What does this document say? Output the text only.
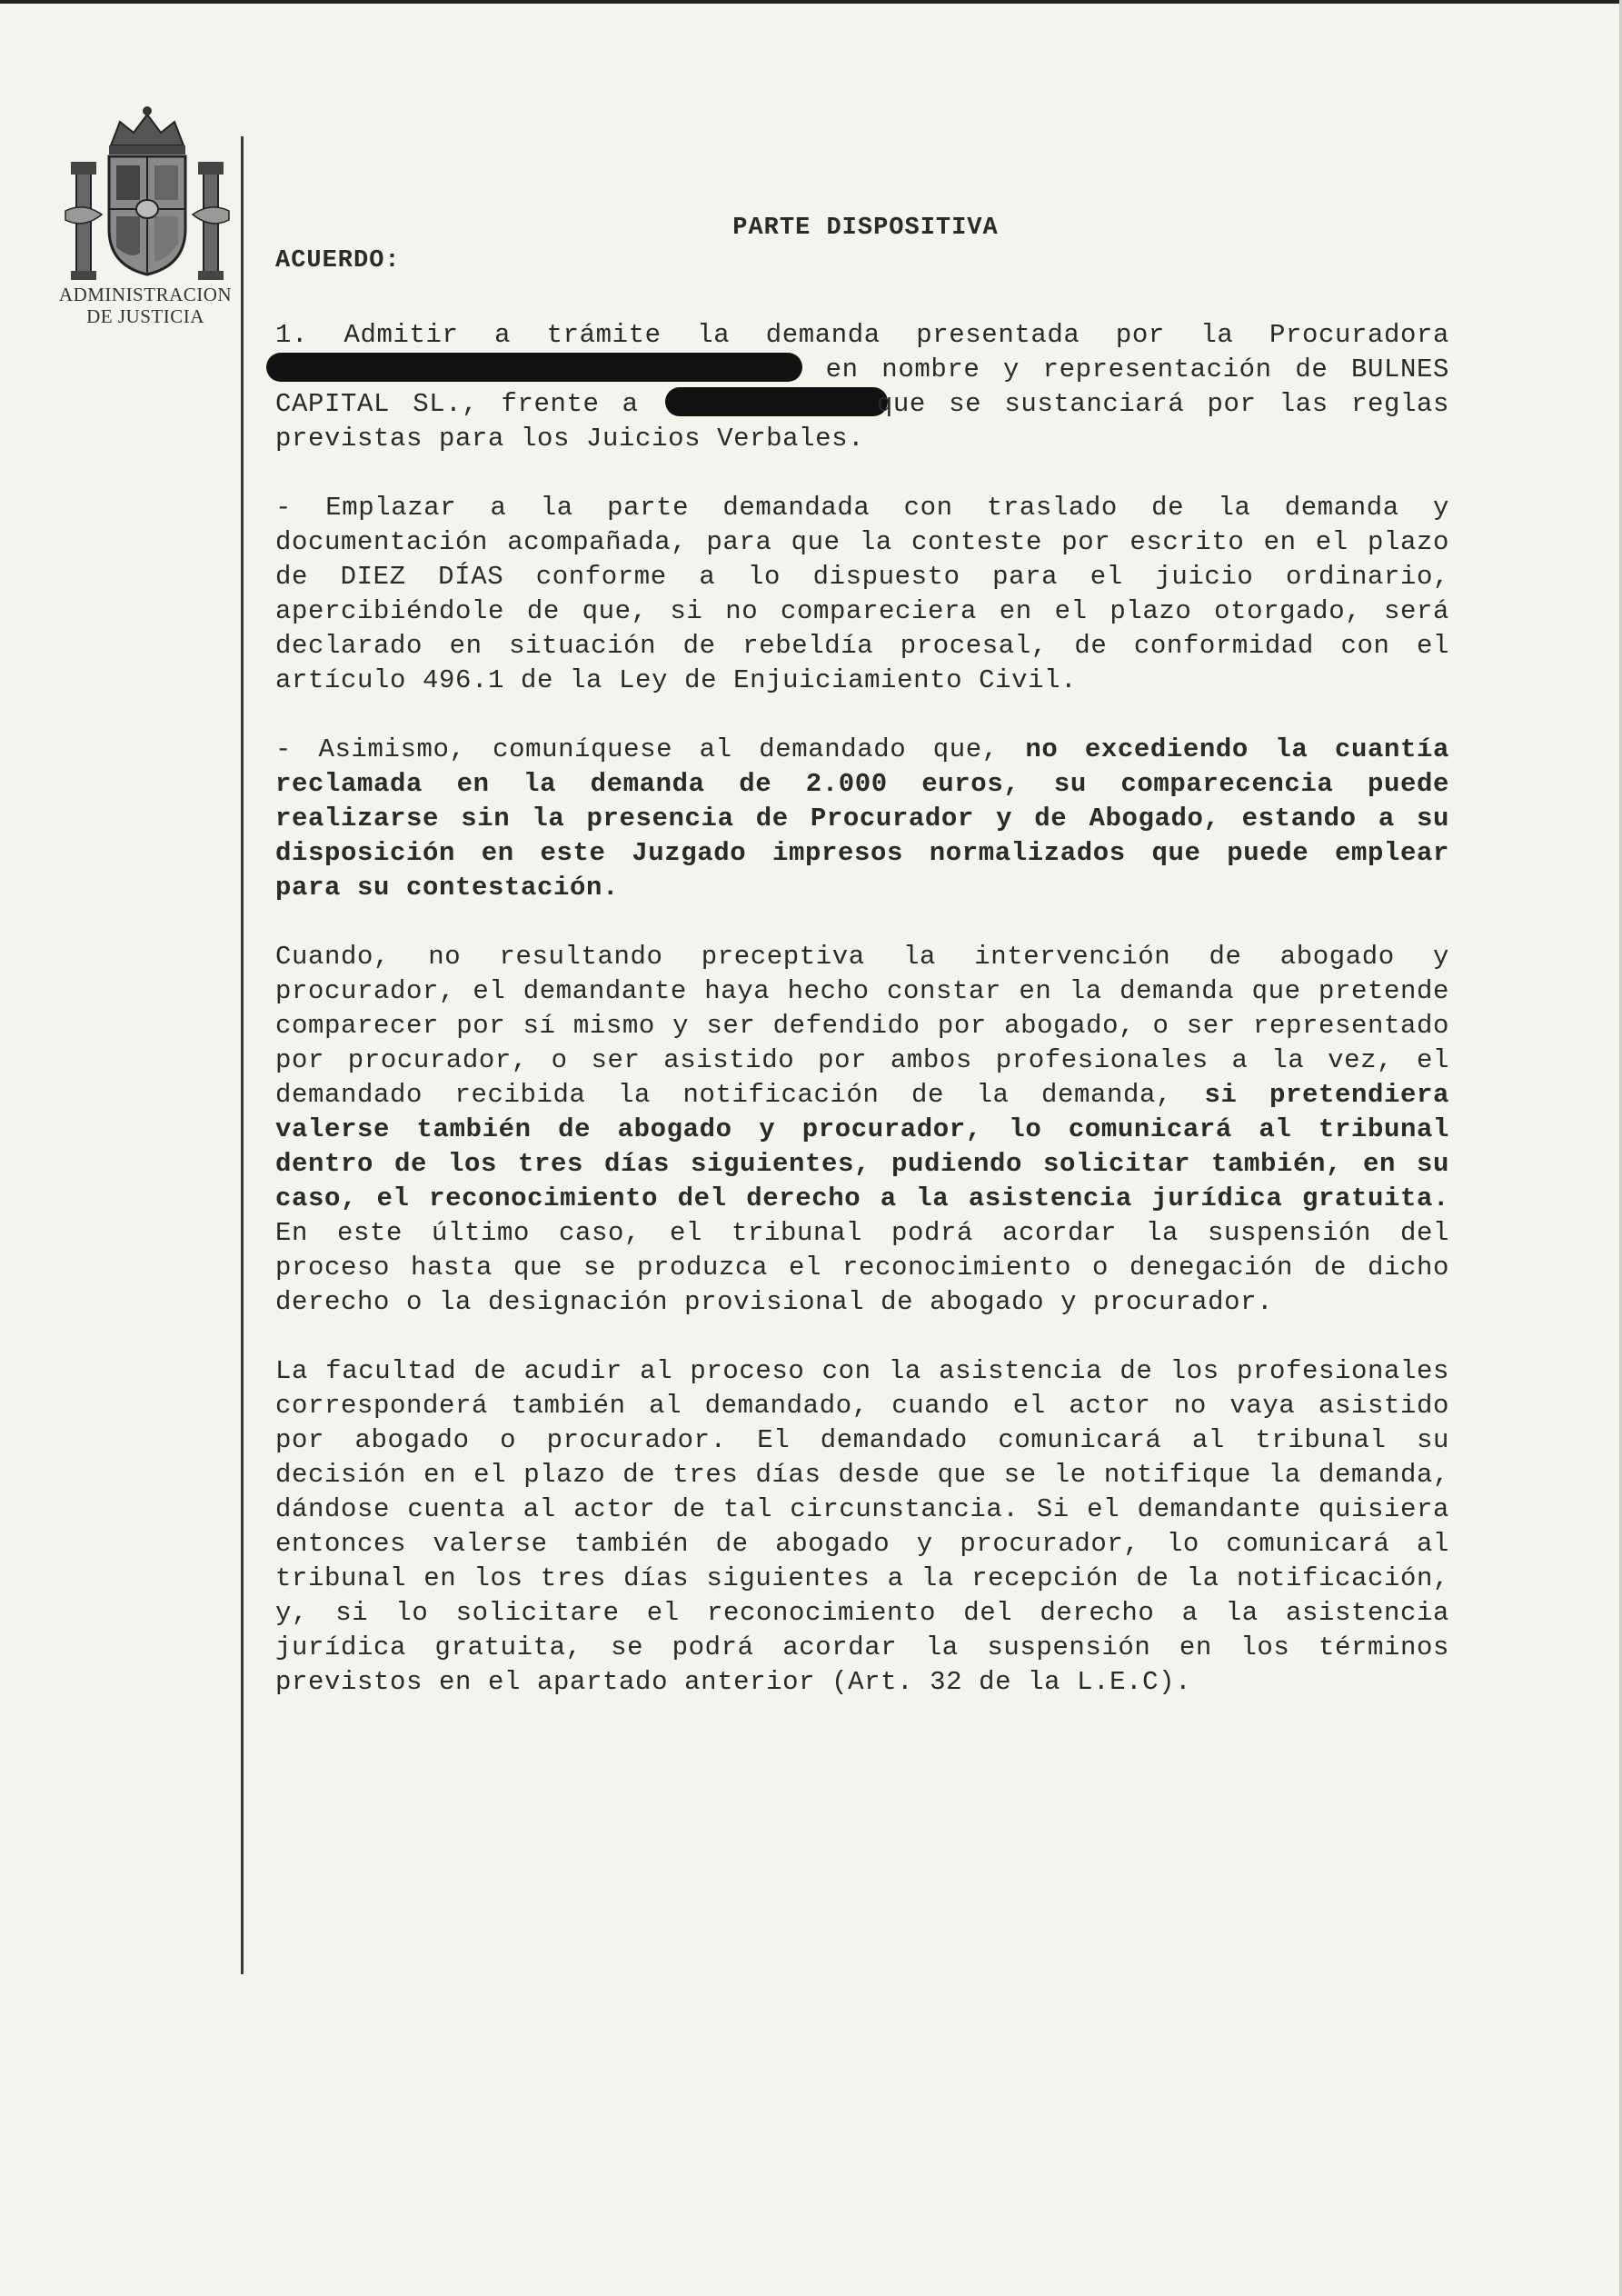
ADMINISTRACION
DE JUSTICIA
PARTE DISPOSITIVA
ACUERDO:

1. Admitir a trámite la demanda presentada por la Procuradora  en nombre y representación de BULNES CAPITAL SL., frente a	que se sustanciará por las reglas previstas para los Juicios Verbales.

- Emplazar a la parte demandada con traslado de la demanda y documentación acompañada, para que la conteste por escrito en el plazo de DIEZ DÍAS conforme a lo dispuesto para el juicio ordinario, apercibiéndole de que, si no compareciera en el plazo otorgado, será declarado en situación de rebeldía procesal, de conformidad con el artículo 496.1 de la Ley de Enjuiciamiento Civil.

- Asimismo, comuníquese al demandado que, no excediendo la cuantía reclamada en la demanda de 2.000 euros, su comparecencia puede realizarse sin la presencia de Procurador y de Abogado, estando a su disposición en este Juzgado impresos normalizados que puede emplear para su contestación.

Cuando, no resultando preceptiva la intervención de abogado y procurador, el demandante haya hecho constar en la demanda que pretende comparecer por sí mismo y ser defendido por abogado, o ser representado por procurador, o ser asistido por ambos profesionales a la vez, el demandado recibida la notificación de la demanda, si pretendiera valerse también de abogado y procurador, lo comunicará al tribunal dentro de los tres días siguientes, pudiendo solicitar también, en su caso, el reconocimiento del derecho a la asistencia jurídica gratuita. En este último caso, el tribunal podrá acordar la suspensión del proceso hasta que se produzca el reconocimiento o denegación de dicho derecho o la designación provisional de abogado y procurador.

La facultad de acudir al proceso con la asistencia de los profesionales corresponderá también al demandado, cuando el actor no vaya asistido por abogado o procurador. El demandado comunicará al tribunal su decisión en el plazo de tres días desde que se le notifique la demanda, dándose cuenta al actor de tal circunstancia. Si el demandante quisiera entonces valerse también de abogado y procurador, lo comunicará al tribunal en los tres días siguientes a la recepción de la notificación, y, si lo solicitare el reconocimiento del derecho a la asistencia jurídica gratuita, se podrá acordar la suspensión en los términos previstos en el apartado anterior (Art. 32 de la L.E.C).
